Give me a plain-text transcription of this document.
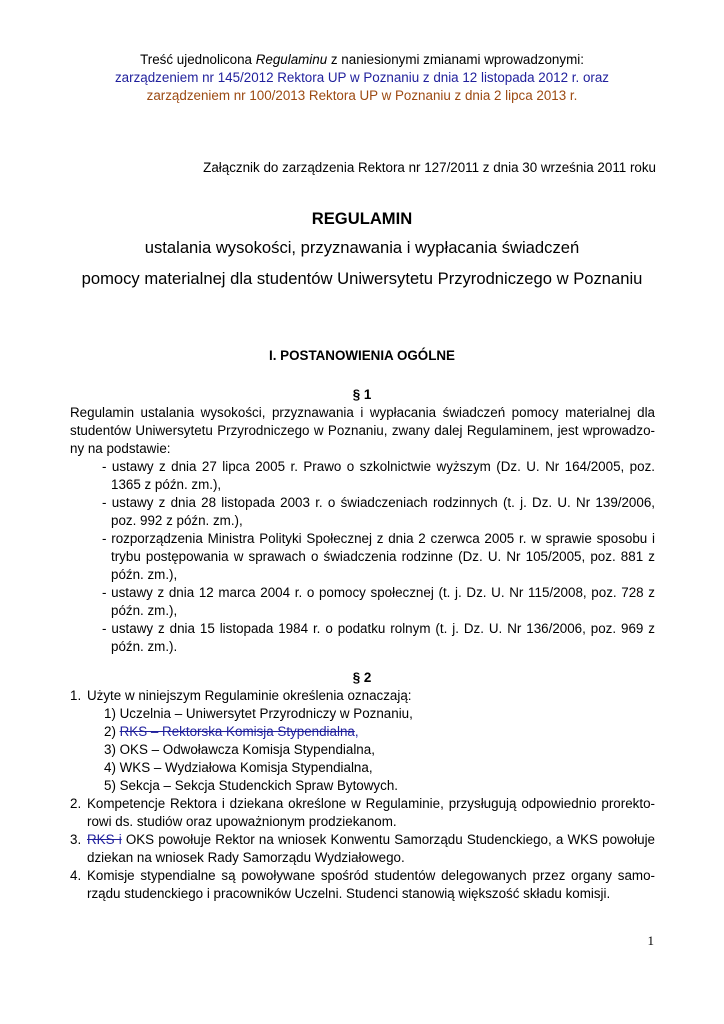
Treść ujednolicona Regulaminu z naniesionymi zmianami wprowadzonymi:
zarządzeniem nr 145/2012 Rektora UP w Poznaniu z dnia 12 listopada 2012 r. oraz
zarządzeniem nr 100/2013 Rektora UP w Poznaniu z dnia 2 lipca 2013 r.
Załącznik do zarządzenia Rektora nr 127/2011 z dnia 30 września 2011 roku
REGULAMIN
ustalania wysokości, przyznawania i wypłacania świadczeń
pomocy materialnej dla studentów Uniwersytetu Przyrodniczego w Poznaniu
I. POSTANOWIENIA OGÓLNE
§ 1
Regulamin ustalania wysokości, przyznawania i wypłacania świadczeń pomocy materialnej dla
studentów Uniwersytetu Przyrodniczego w Poznaniu, zwany dalej Regulaminem, jest wprowadzo-
ny na podstawie:
- ustawy z dnia 27 lipca 2005 r. Prawo o szkolnictwie wyższym (Dz. U. Nr 164/2005, poz.
1365 z późn. zm.),
- ustawy z dnia 28 listopada 2003 r. o świadczeniach rodzinnych (t. j. Dz. U. Nr 139/2006,
poz. 992 z późn. zm.),
- rozporządzenia Ministra Polityki Społecznej z dnia 2 czerwca 2005 r. w sprawie sposobu i
trybu postępowania w sprawach o świadczenia rodzinne (Dz. U. Nr 105/2005, poz. 881 z
późn. zm.),
- ustawy z dnia 12 marca 2004 r. o pomocy społecznej (t. j. Dz. U. Nr 115/2008, poz. 728 z
późn. zm.),
- ustawy z dnia 15 listopada 1984 r. o podatku rolnym (t. j. Dz. U. Nr 136/2006, poz. 969 z
późn. zm.).
§ 2
1. Użyte w niniejszym Regulaminie określenia oznaczają:
1) Uczelnia – Uniwersytet Przyrodniczy w Poznaniu,
2) RKS – Rektorska Komisja Stypendialna,
3) OKS – Odwoławcza Komisja Stypendialna,
4) WKS – Wydziałowa Komisja Stypendialna,
5) Sekcja – Sekcja Studenckich Spraw Bytowych.
2. Kompetencje Rektora i dziekana określone w Regulaminie, przysługują odpowiednio prorekto-
rowi ds. studiów oraz upoważnionym prodziekanom.
3. RKS i OKS powołuje Rektor na wniosek Konwentu Samorządu Studenckiego, a WKS powołuje
dziekan na wniosek Rady Samorządu Wydziałowego.
4. Komisje stypendialne są powoływane spośród studentów delegowanych przez organy samo-
rządu studenckiego i pracowników Uczelni. Studenci stanowią większość składu komisji.
1
